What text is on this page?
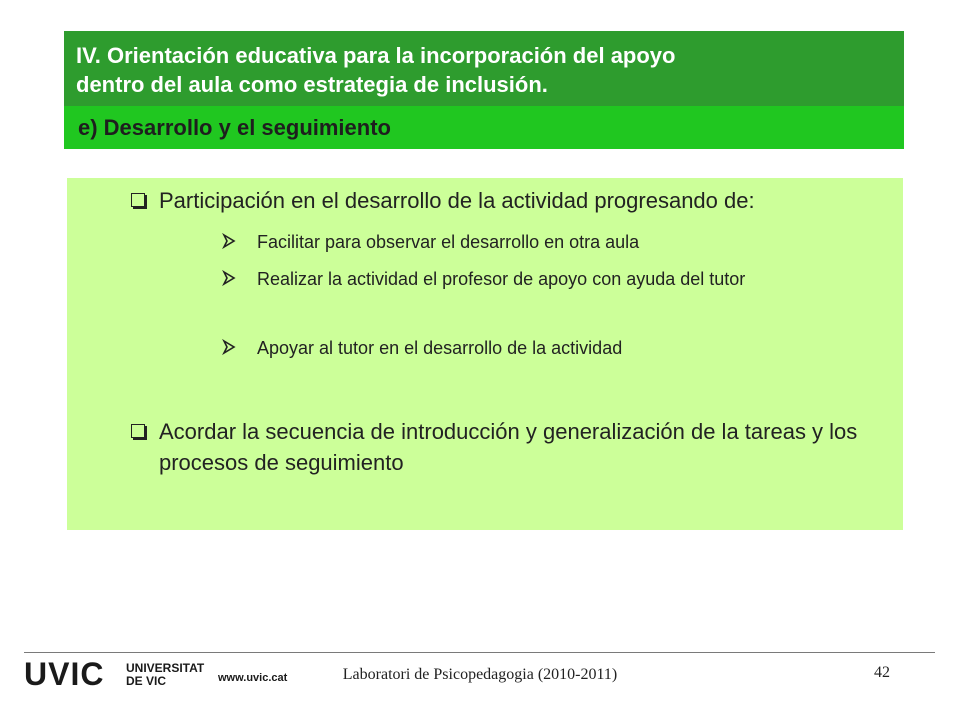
IV. Orientación educativa para la incorporación del apoyo
dentro del aula como estrategia de inclusión.

e) Desarrollo y el seguimiento

Participación en el desarrollo de la actividad progresando de:
Facilitar para observar el desarrollo en otra aula
Realizar la actividad el profesor de apoyo con ayuda del tutor
Apoyar al tutor en el desarrollo de la actividad
Acordar la secuencia de introducción y generalización de la tareas y los procesos de seguimiento
UVIC UNIVERSITAT
DE VIC	www.uvic.cat	Laboratori de Psicopedagogia (2010-2011)	42
